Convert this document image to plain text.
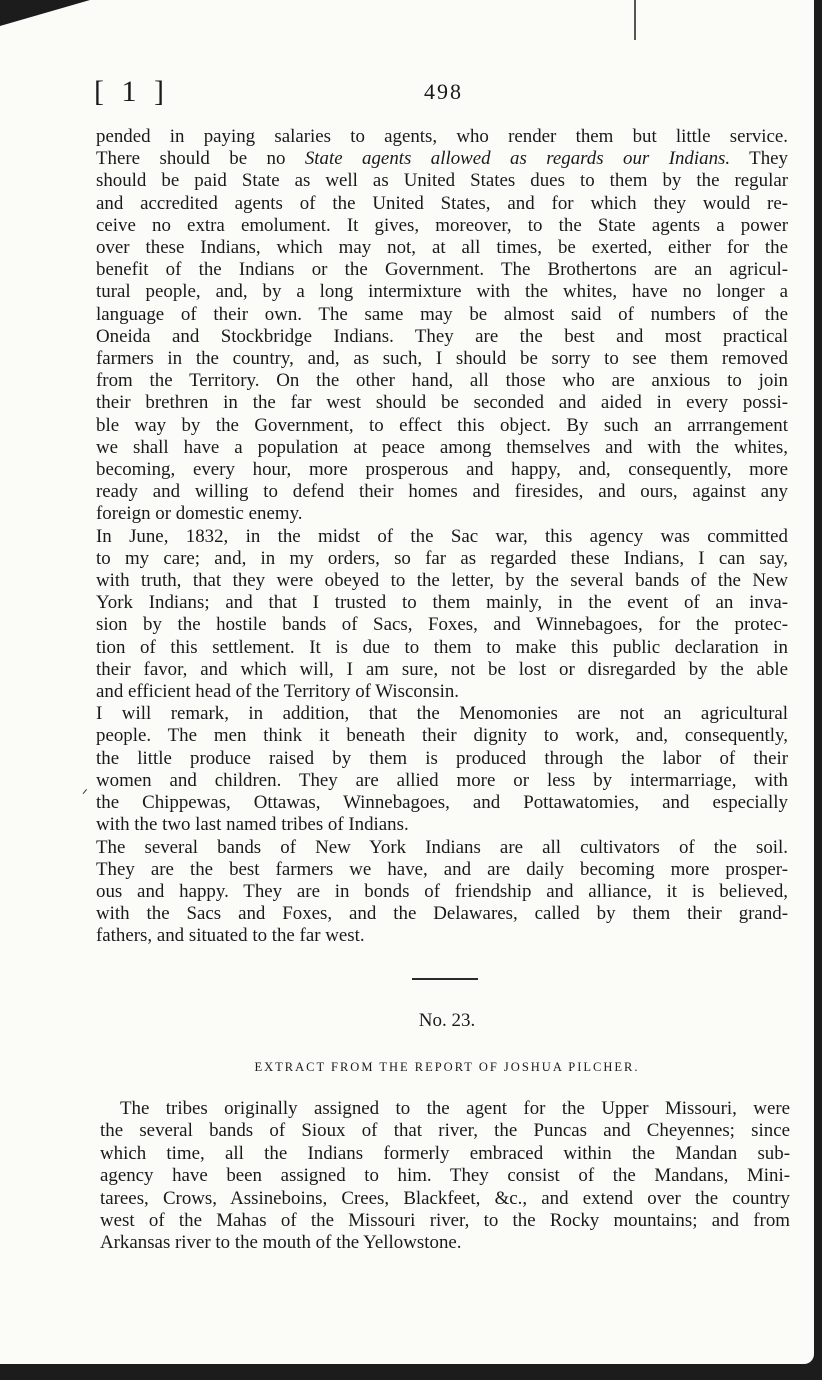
[ 1 ]	498
ᐟ

pended in paying salaries to agents, who render them but little service.
There should be no State agents allowed as regards our Indians. They
should be paid State as well as United States dues to them by the regular
and accredited agents of the United States, and for which they would re-
ceive no extra emolument. It gives, moreover, to the State agents a power
over these Indians, which may not, at all times, be exerted, either for the
benefit of the Indians or the Government. The Brothertons are an agricul-
tural people, and, by a long intermixture with the whites, have no longer a
language of their own. The same may be almost said of numbers of the
Oneida and Stockbridge Indians. They are the best and most practical
farmers in the country, and, as such, I should be sorry to see them removed
from the Territory. On the other hand, all those who are anxious to join
their brethren in the far west should be seconded and aided in every possi-
ble way by the Government, to effect this object. By such an arrrangement
we shall have a population at peace among themselves and with the whites,
becoming, every hour, more prosperous and happy, and, consequently, more
ready and willing to defend their homes and firesides, and ours, against any
foreign or domestic enemy.

In June, 1832, in the midst of the Sac war, this agency was committed
to my care; and, in my orders, so far as regarded these Indians, I can say,
with truth, that they were obeyed to the letter, by the several bands of the New
York Indians; and that I trusted to them mainly, in the event of an inva-
sion by the hostile bands of Sacs, Foxes, and Winnebagoes, for the protec-
tion of this settlement. It is due to them to make this public declaration in
their favor, and which will, I am sure, not be lost or disregarded by the able
and efficient head of the Territory of Wisconsin.

I will remark, in addition, that the Menomonies are not an agricultural
people. The men think it beneath their dignity to work, and, consequently,
the little produce raised by them is produced through the labor of their
women and children. They are allied more or less by intermarriage, with
the Chippewas, Ottawas, Winnebagoes, and Pottawatomies, and especially
with the two last named tribes of Indians.

The several bands of New York Indians are all cultivators of the soil.
They are the best farmers we have, and are daily becoming more prosper-
ous and happy. They are in bonds of friendship and alliance, it is believed,
with the Sacs and Foxes, and the Delawares, called by them their grand-
fathers, and situated to the far west.

No. 23.
EXTRACT FROM THE REPORT OF JOSHUA PILCHER.

The tribes originally assigned to the agent for the Upper Missouri, were
the several bands of Sioux of that river, the Puncas and Cheyennes; since
which time, all the Indians formerly embraced within the Mandan sub-
agency have been assigned to him. They consist of the Mandans, Mini-
tarees, Crows, Assineboins, Crees, Blackfeet, &c., and extend over the country
west of the Mahas of the Missouri river, to the Rocky mountains; and from
Arkansas river to the mouth of the Yellowstone.
